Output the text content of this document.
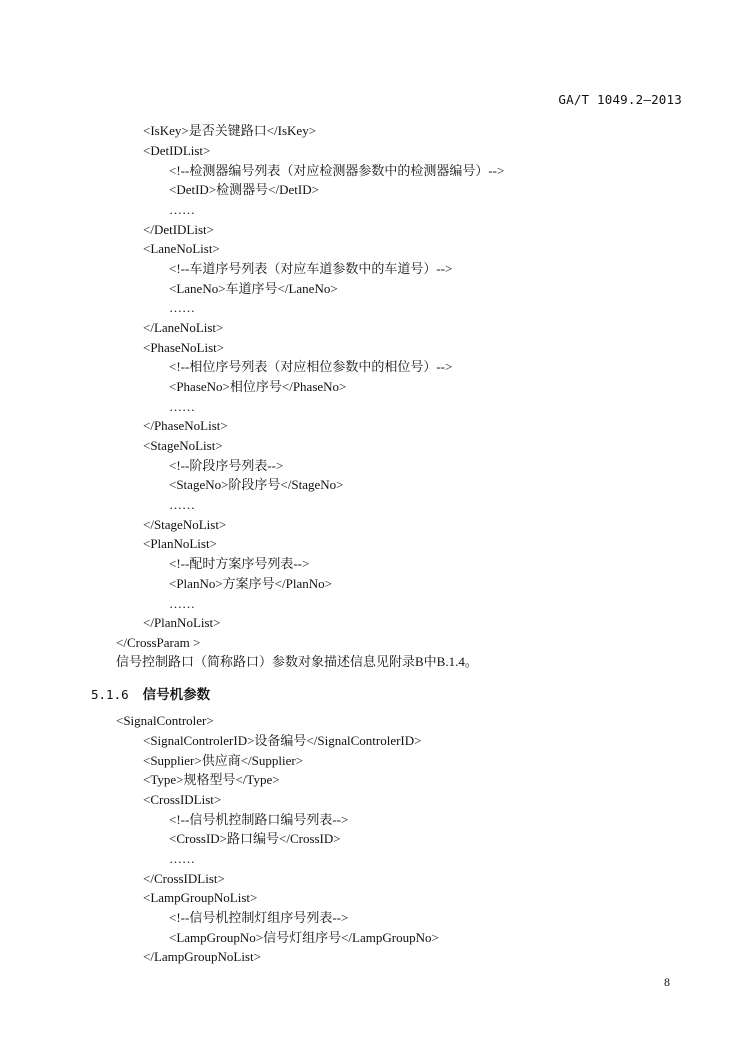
GA/T 1049.2—2013
<IsKey>是否关键路口</IsKey>
<DetIDList>
<!--检测器编号列表（对应检测器参数中的检测器编号）-->
<DetID>检测器号</DetID>
……
</DetIDList>
<LaneNoList>
<!--车道序号列表（对应车道参数中的车道号）-->
<LaneNo>车道序号</LaneNo>
……
</LaneNoList>
<PhaseNoList>
<!--相位序号列表（对应相位参数中的相位号）-->
<PhaseNo>相位序号</PhaseNo>
……
</PhaseNoList>
<StageNoList>
<!--阶段序号列表-->
<StageNo>阶段序号</StageNo>
……
</StageNoList>
<PlanNoList>
<!--配时方案序号列表-->
<PlanNo>方案序号</PlanNo>
……
</PlanNoList>
</CrossParam >
信号控制路口（简称路口）参数对象描述信息见附录B中B.1.4。
5.1.6 信号机参数
<SignalControler>
<SignalControlerID>设备编号</SignalControlerID>
<Supplier>供应商</Supplier>
<Type>规格型号</Type>
<CrossIDList>
<!--信号机控制路口编号列表-->
<CrossID>路口编号</CrossID>
……
</CrossIDList>
<LampGroupNoList>
<!--信号机控制灯组序号列表-->
<LampGroupNo>信号灯组序号</LampGroupNo>
</LampGroupNoList>
8
